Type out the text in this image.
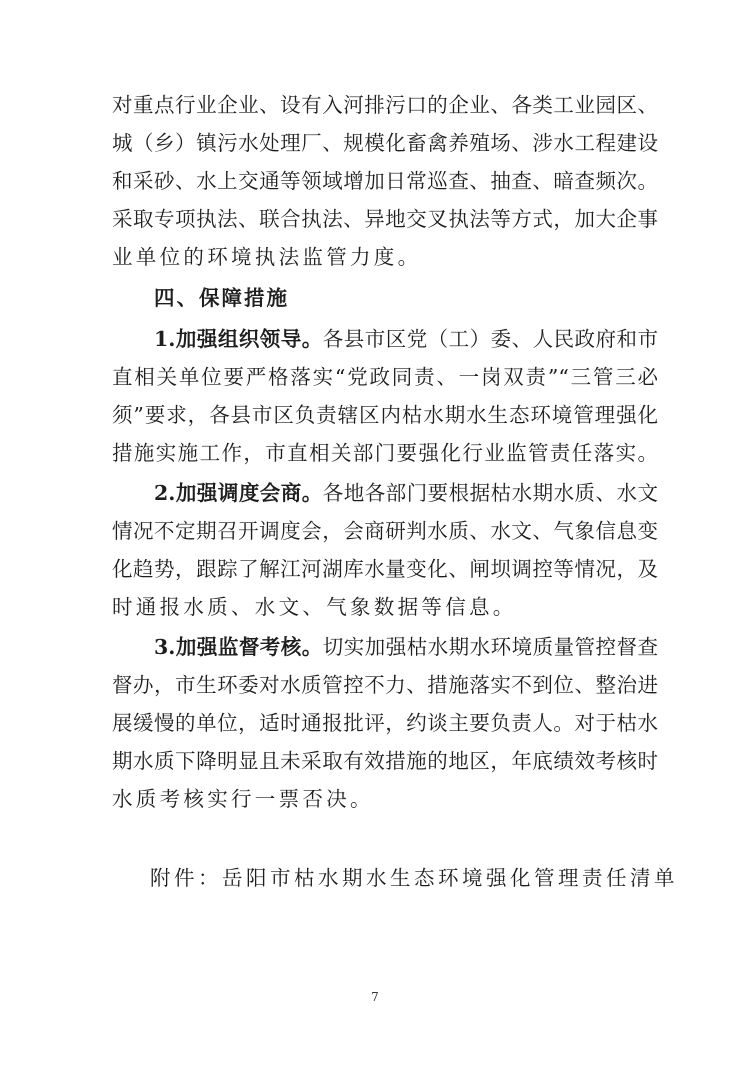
对重点行业企业、设有入河排污口的企业、各类工业园区、
城（乡）镇污水处理厂、规模化畜禽养殖场、涉水工程建设
和采砂、水上交通等领域增加日常巡查、抽查、暗查频次。
采取专项执法、联合执法、异地交叉执法等方式，加大企事
业单位的环境执法监管力度。
四、保障措施
1.加强组织领导。各县市区党（工）委、人民政府和市
直相关单位要严格落实“党政同责、一岗双责”“三管三必
须”要求，各县市区负责辖区内枯水期水生态环境管理强化
措施实施工作，市直相关部门要强化行业监管责任落实。
2.加强调度会商。各地各部门要根据枯水期水质、水文
情况不定期召开调度会，会商研判水质、水文、气象信息变
化趋势，跟踪了解江河湖库水量变化、闸坝调控等情况，及
时通报水质、水文、气象数据等信息。
3.加强监督考核。切实加强枯水期水环境质量管控督查
督办，市生环委对水质管控不力、措施落实不到位、整治进
展缓慢的单位，适时通报批评，约谈主要负责人。对于枯水
期水质下降明显且未采取有效措施的地区，年底绩效考核时
水质考核实行一票否决。
附件：岳阳市枯水期水生态环境强化管理责任清单
7
